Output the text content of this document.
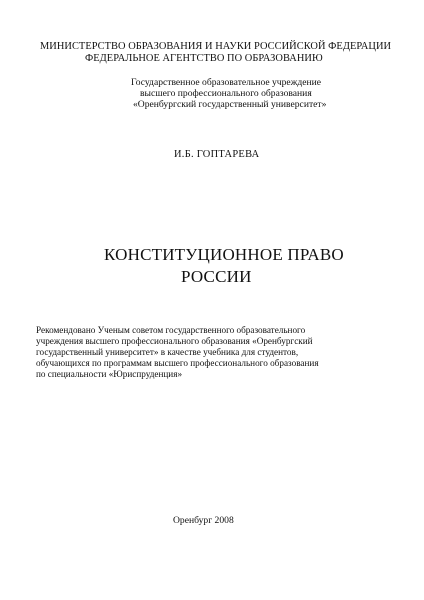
МИНИСТЕРСТВО ОБРАЗОВАНИЯ И НАУКИ РОССИЙСКОЙ ФЕДЕРАЦИИ
ФЕДЕРАЛЬНОЕ АГЕНТСТВО ПО ОБРАЗОВАНИЮ
Государственное образовательное учреждение
высшего профессионального образования
«Оренбургский государственный университет»
И.Б. ГОПТАРЕВА
КОНСТИТУЦИОННОЕ ПРАВО
РОССИИ
Рекомендовано Ученым советом государственного образовательного
учреждения высшего профессионального образования «Оренбургский
государственный университет» в качестве учебника для студентов,
обучающихся по программам высшего профессионального образования
по специальности «Юриспруденция»
Оренбург 2008
